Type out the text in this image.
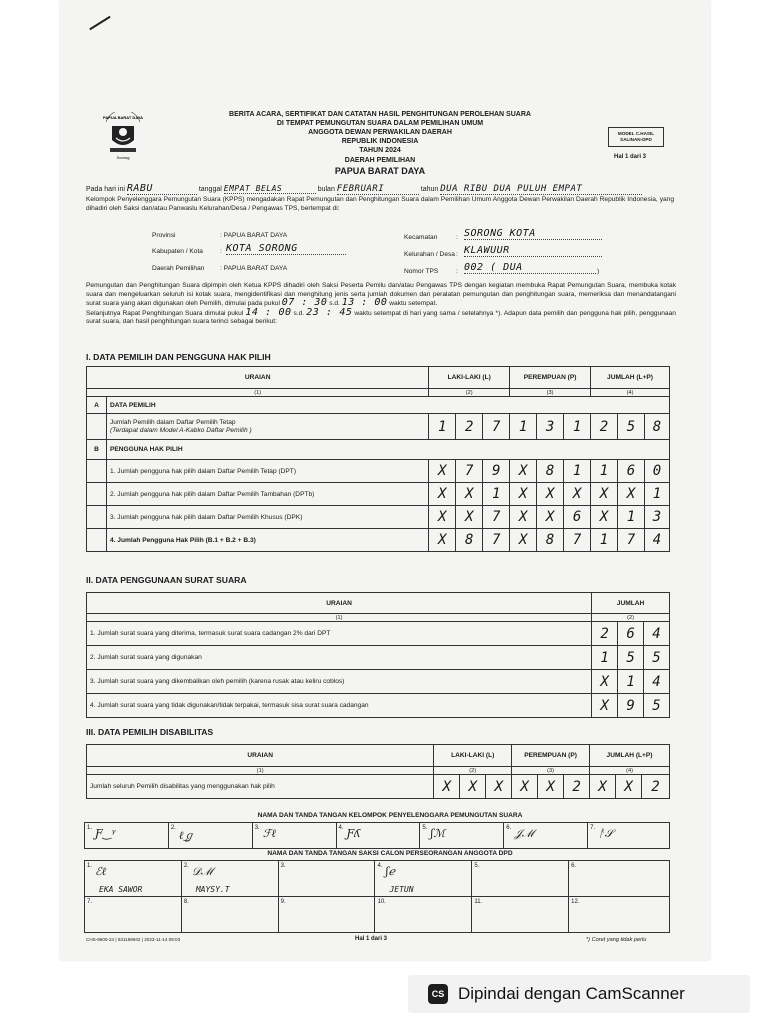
PAPUA BARAT DAYA
Sorong
BERITA ACARA, SERTIFIKAT DAN CATATAN HASIL PENGHITUNGAN PEROLEHAN SUARA
DI TEMPAT PEMUNGUTAN SUARA DALAM PEMILIHAN UMUM
ANGGOTA DEWAN PERWAKILAN DAERAH
REPUBLIK INDONESIA
TAHUN 2024
MODEL C.HASIL
SALINAN-DPD
Hal 1 dari 3
DAERAH PEMILIHAN
PAPUA BARAT DAYA
Pada hari ini RABU	tanggal EMPAT BELAS	bulan FEBRUARI	tahun DUA RIBU DUA PULUH EMPAT
Kelompok Penyelenggara Pemungutan Suara (KPPS) mengadakan Rapat Pemungutan dan Penghitungan Suara dalam Pemilihan Umum Anggota Dewan Perwakilan Daerah Republik Indonesia, yang dihadiri oleh Saksi dan/atau Panwaslu Kelurahan/Desa / Pengawas TPS, bertempat di:
Provinsi	: PAPUA BARAT DAYA
Kabupaten / Kota	: KOTA SORONG
Daerah Pemilihan : PAPUA BARAT DAYA
Kecamatan	: SORONG KOTA
Kelurahan / Desa : KLAWUUR
Nomor TPS	: 002 ( DUA	)
Pemungutan dan Penghitungan Suara dipimpin oleh Ketua KPPS dihadiri oleh Saksi Peserta Pemilu dan/atau Pengawas TPS dengan kegiatan membuka Rapat Pemungutan Suara, membuka kotak suara dan mengeluarkan seluruh isi kotak suara, mengidentifikasi dan menghitung jenis serta jumlah dokumen dan peralatan pemungutan dan penghitungan suara, memeriksa dan menandatangani surat suara yang akan digunakan oleh Pemilih, dimulai pada pukul 07 : 30 s.d. 13 : 00 waktu setempat.
Selanjutnya Rapat Penghitungan Suara dimulai pukul 14 : 00 s.d. 23 : 45 waktu setempat di hari yang sama / setelahnya *). Adapun data pemilih dan pengguna hak pilih, penggunaan surat suara, dan hasil penghitungan suara terinci sebagai berikut:
I. DATA PEMILIH DAN PENGGUNA HAK PILIH
URAIAN		LAKI-LAKI (L)			PEREMPUAN (P)			JUMLAH (L+P)		
(1)		(2)			(3)			(4)		
A	DATA PEMILIH									

	Jumlah Pemilih dalam Daftar Pemilih Tetap
(Terdapat dalam Model A-Kabko Daftar Pemilih )	1	2	7	1	3	1	2	5	8
B	PENGGUNA HAK PILIH									
	1. Jumlah pengguna hak pilih dalam Daftar Pemilih Tetap (DPT)	X	7	9	X	8	1	1	6	0
	2. Jumlah pengguna hak pilih dalam Daftar Pemilih Tambahan (DPTb)	X	X	1	X	X	X	X	X	1
	3. Jumlah pengguna hak pilih dalam Daftar Pemilih Khusus (DPK)	X	X	7	X	X	6	X	1	3
	4. Jumlah Pengguna Hak Pilih (B.1 + B.2 + B.3)	X	8	7	X	8	7	1	7	4
II. DATA PENGGUNAAN SURAT SUARA
URAIAN	JUMLAH		
(1)	(2)		
1. Jumlah surat suara yang diterima, termasuk surat suara cadangan 2% dari DPT	2	6	4
2. Jumlah surat suara yang digunakan	1	5	5
3. Jumlah surat suara yang dikembalikan oleh pemilih (karena rusak atau keliru coblos)	X	1	4
4. Jumlah surat suara yang tidak digunakan/tidak terpakai, termasuk sisa surat suara cadangan	X	9	5
III. DATA PEMILIH DISABILITAS
URAIAN	LAKI-LAKI (L)			PEREMPUAN (P)			JUMLAH (L+P)		
(1)	(2)			(3)			(4)		
Jumlah seluruh Pemilih disabilitas yang menggunakan hak pilih	X	X	X	X	X	2	X	X	2
NAMA DAN TANDA TANGAN KELOMPOK PENYELENGGARA PEMUNGUTAN SUARA
1. Ƒ‿ᵞ	2.
ℓ͜ℊ
	3. ℱℓ	4. Ƒʎ	5. ʃℳ	6. 𝒥ℳ	7. ᚨ𝒮
NAMA DAN TANDA TANGAN SAKSI CALON PERSEORANGAN ANGGOTA DPD
1. ℰℓ
EKA SAWOR	2. 𝒟ℳ
MAYSY.T	3.	4. ʃℯ
JETUN	5.	6.
7.	8.	9.	10.	11.	12.
CHS-9600-24 | 631169942 | 2023-11-14 08:03	Hal 1 dari 3	*) Coret yang tidak perlu
CS Dipindai dengan CamScanner
